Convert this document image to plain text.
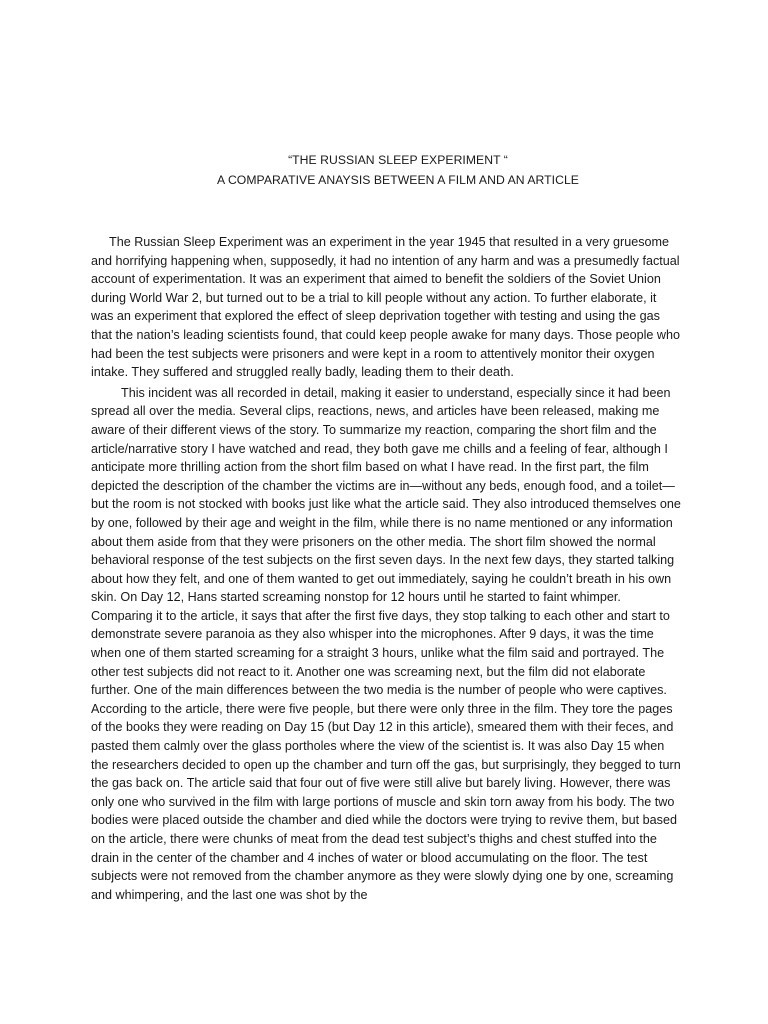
“THE RUSSIAN SLEEP EXPERIMENT “
A COMPARATIVE ANAYSIS BETWEEN A FILM AND AN ARTICLE

The Russian Sleep Experiment was an experiment in the year 1945 that resulted in a very gruesome and horrifying happening when, supposedly, it had no intention of any harm and was a presumedly factual account of experimentation. It was an experiment that aimed to benefit the soldiers of the Soviet Union during World War 2, but turned out to be a trial to kill people without any action. To further elaborate, it was an experiment that explored the effect of sleep deprivation together with testing and using the gas that the nation’s leading scientists found, that could keep people awake for many days. Those people who had been the test subjects were prisoners and were kept in a room to attentively monitor their oxygen intake. They suffered and struggled really badly, leading them to their death.

This incident was all recorded in detail, making it easier to understand, especially since it had been spread all over the media. Several clips, reactions, news, and articles have been released, making me aware of their different views of the story. To summarize my reaction, comparing the short film and the article/narrative story I have watched and read, they both gave me chills and a feeling of fear, although I anticipate more thrilling action from the short film based on what I have read. In the first part, the film depicted the description of the chamber the victims are in—without any beds, enough food, and a toilet—but the room is not stocked with books just like what the article said. They also introduced themselves one by one, followed by their age and weight in the film, while there is no name mentioned or any information about them aside from that they were prisoners on the other media. The short film showed the normal behavioral response of the test subjects on the first seven days. In the next few days, they started talking about how they felt, and one of them wanted to get out immediately, saying he couldn’t breath in his own skin. On Day 12, Hans started screaming nonstop for 12 hours until he started to faint whimper. Comparing it to the article, it says that after the first five days, they stop talking to each other and start to demonstrate severe paranoia as they also whisper into the microphones. After 9 days, it was the time when one of them started screaming for a straight 3 hours, unlike what the film said and portrayed. The other test subjects did not react to it. Another one was screaming next, but the film did not elaborate further. One of the main differences between the two media is the number of people who were captives. According to the article, there were five people, but there were only three in the film. They tore the pages of the books they were reading on Day 15 (but Day 12 in this article), smeared them with their feces, and pasted them calmly over the glass portholes where the view of the scientist is. It was also Day 15 when the researchers decided to open up the chamber and turn off the gas, but surprisingly, they begged to turn the gas back on. The article said that four out of five were still alive but barely living. However, there was only one who survived in the film with large portions of muscle and skin torn away from his body. The two bodies were placed outside the chamber and died while the doctors were trying to revive them, but based on the article, there were chunks of meat from the dead test subject’s thighs and chest stuffed into the drain in the center of the chamber and 4 inches of water or blood accumulating on the floor. The test subjects were not removed from the chamber anymore as they were slowly dying one by one, screaming and whimpering, and the last one was shot by the
